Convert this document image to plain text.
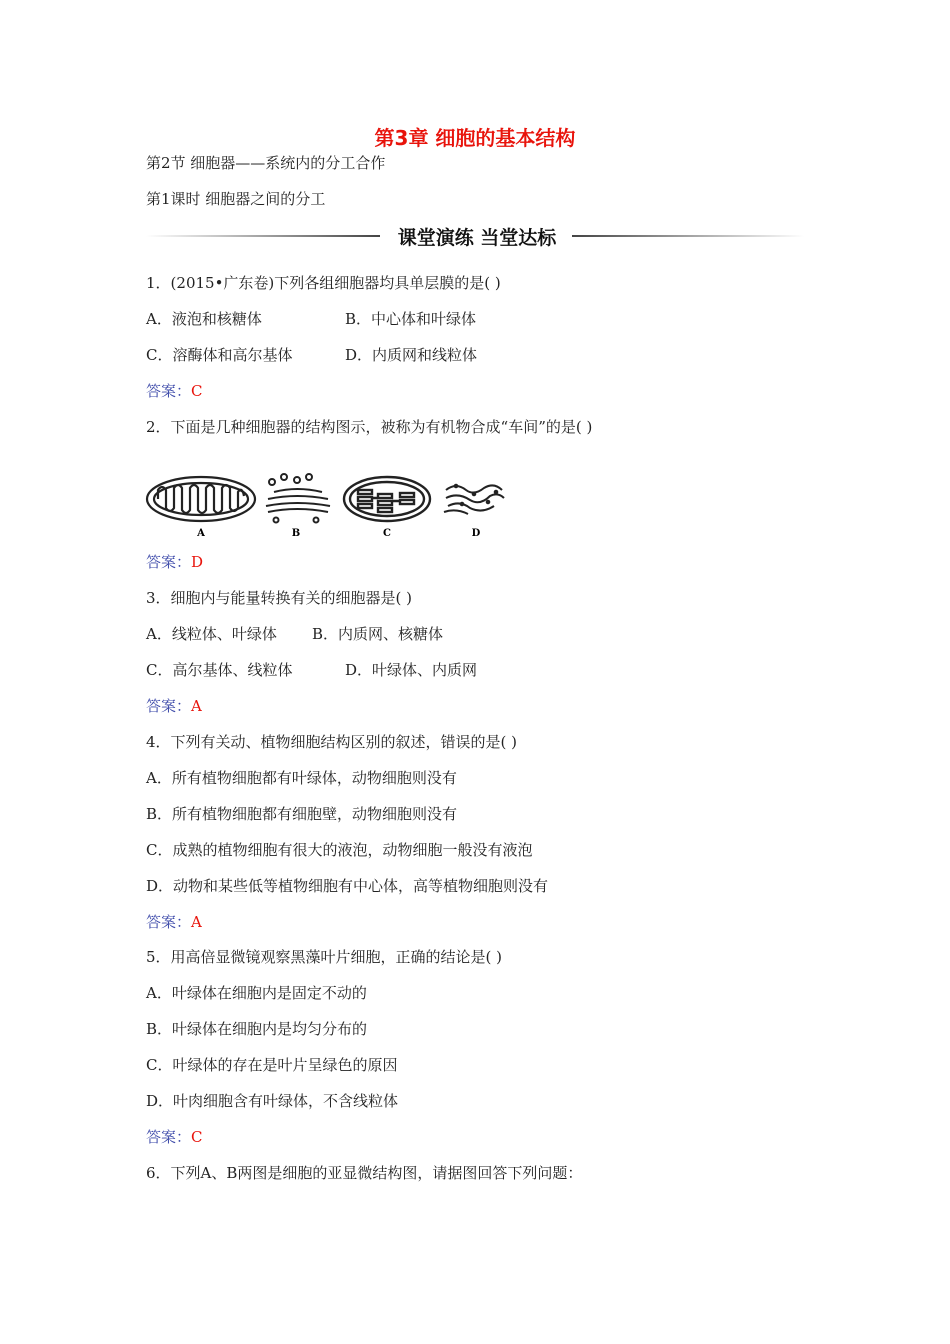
第3章 细胞的基本结构
第2节 细胞器——系统内的分工合作
第1课时 细胞器之间的分工
课堂演练 当堂达标
1．(2015•广东卷)下列各组细胞器均具单层膜的是( )
A．液泡和核糖体	B．中心体和叶绿体
C．溶酶体和高尔基体	D．内质网和线粒体
答案：C
2．下面是几种细胞器的结构图示，被称为有机物合成“车间”的是( )
A	B	C	D
答案：D
3．细胞内与能量转换有关的细胞器是( )
A．线粒体、叶绿体 B．内质网、核糖体
C．高尔基体、线粒体	D．叶绿体、内质网
答案：A
4．下列有关动、植物细胞结构区别的叙述，错误的是( )
A．所有植物细胞都有叶绿体，动物细胞则没有
B．所有植物细胞都有细胞壁，动物细胞则没有
C．成熟的植物细胞有很大的液泡，动物细胞一般没有液泡
D．动物和某些低等植物细胞有中心体，高等植物细胞则没有
答案：A
5．用高倍显微镜观察黑藻叶片细胞，正确的结论是( )
A．叶绿体在细胞内是固定不动的
B．叶绿体在细胞内是均匀分布的
C．叶绿体的存在是叶片呈绿色的原因
D．叶肉细胞含有叶绿体，不含线粒体
答案：C
6．下列A、B两图是细胞的亚显微结构图，请据图回答下列问题：
